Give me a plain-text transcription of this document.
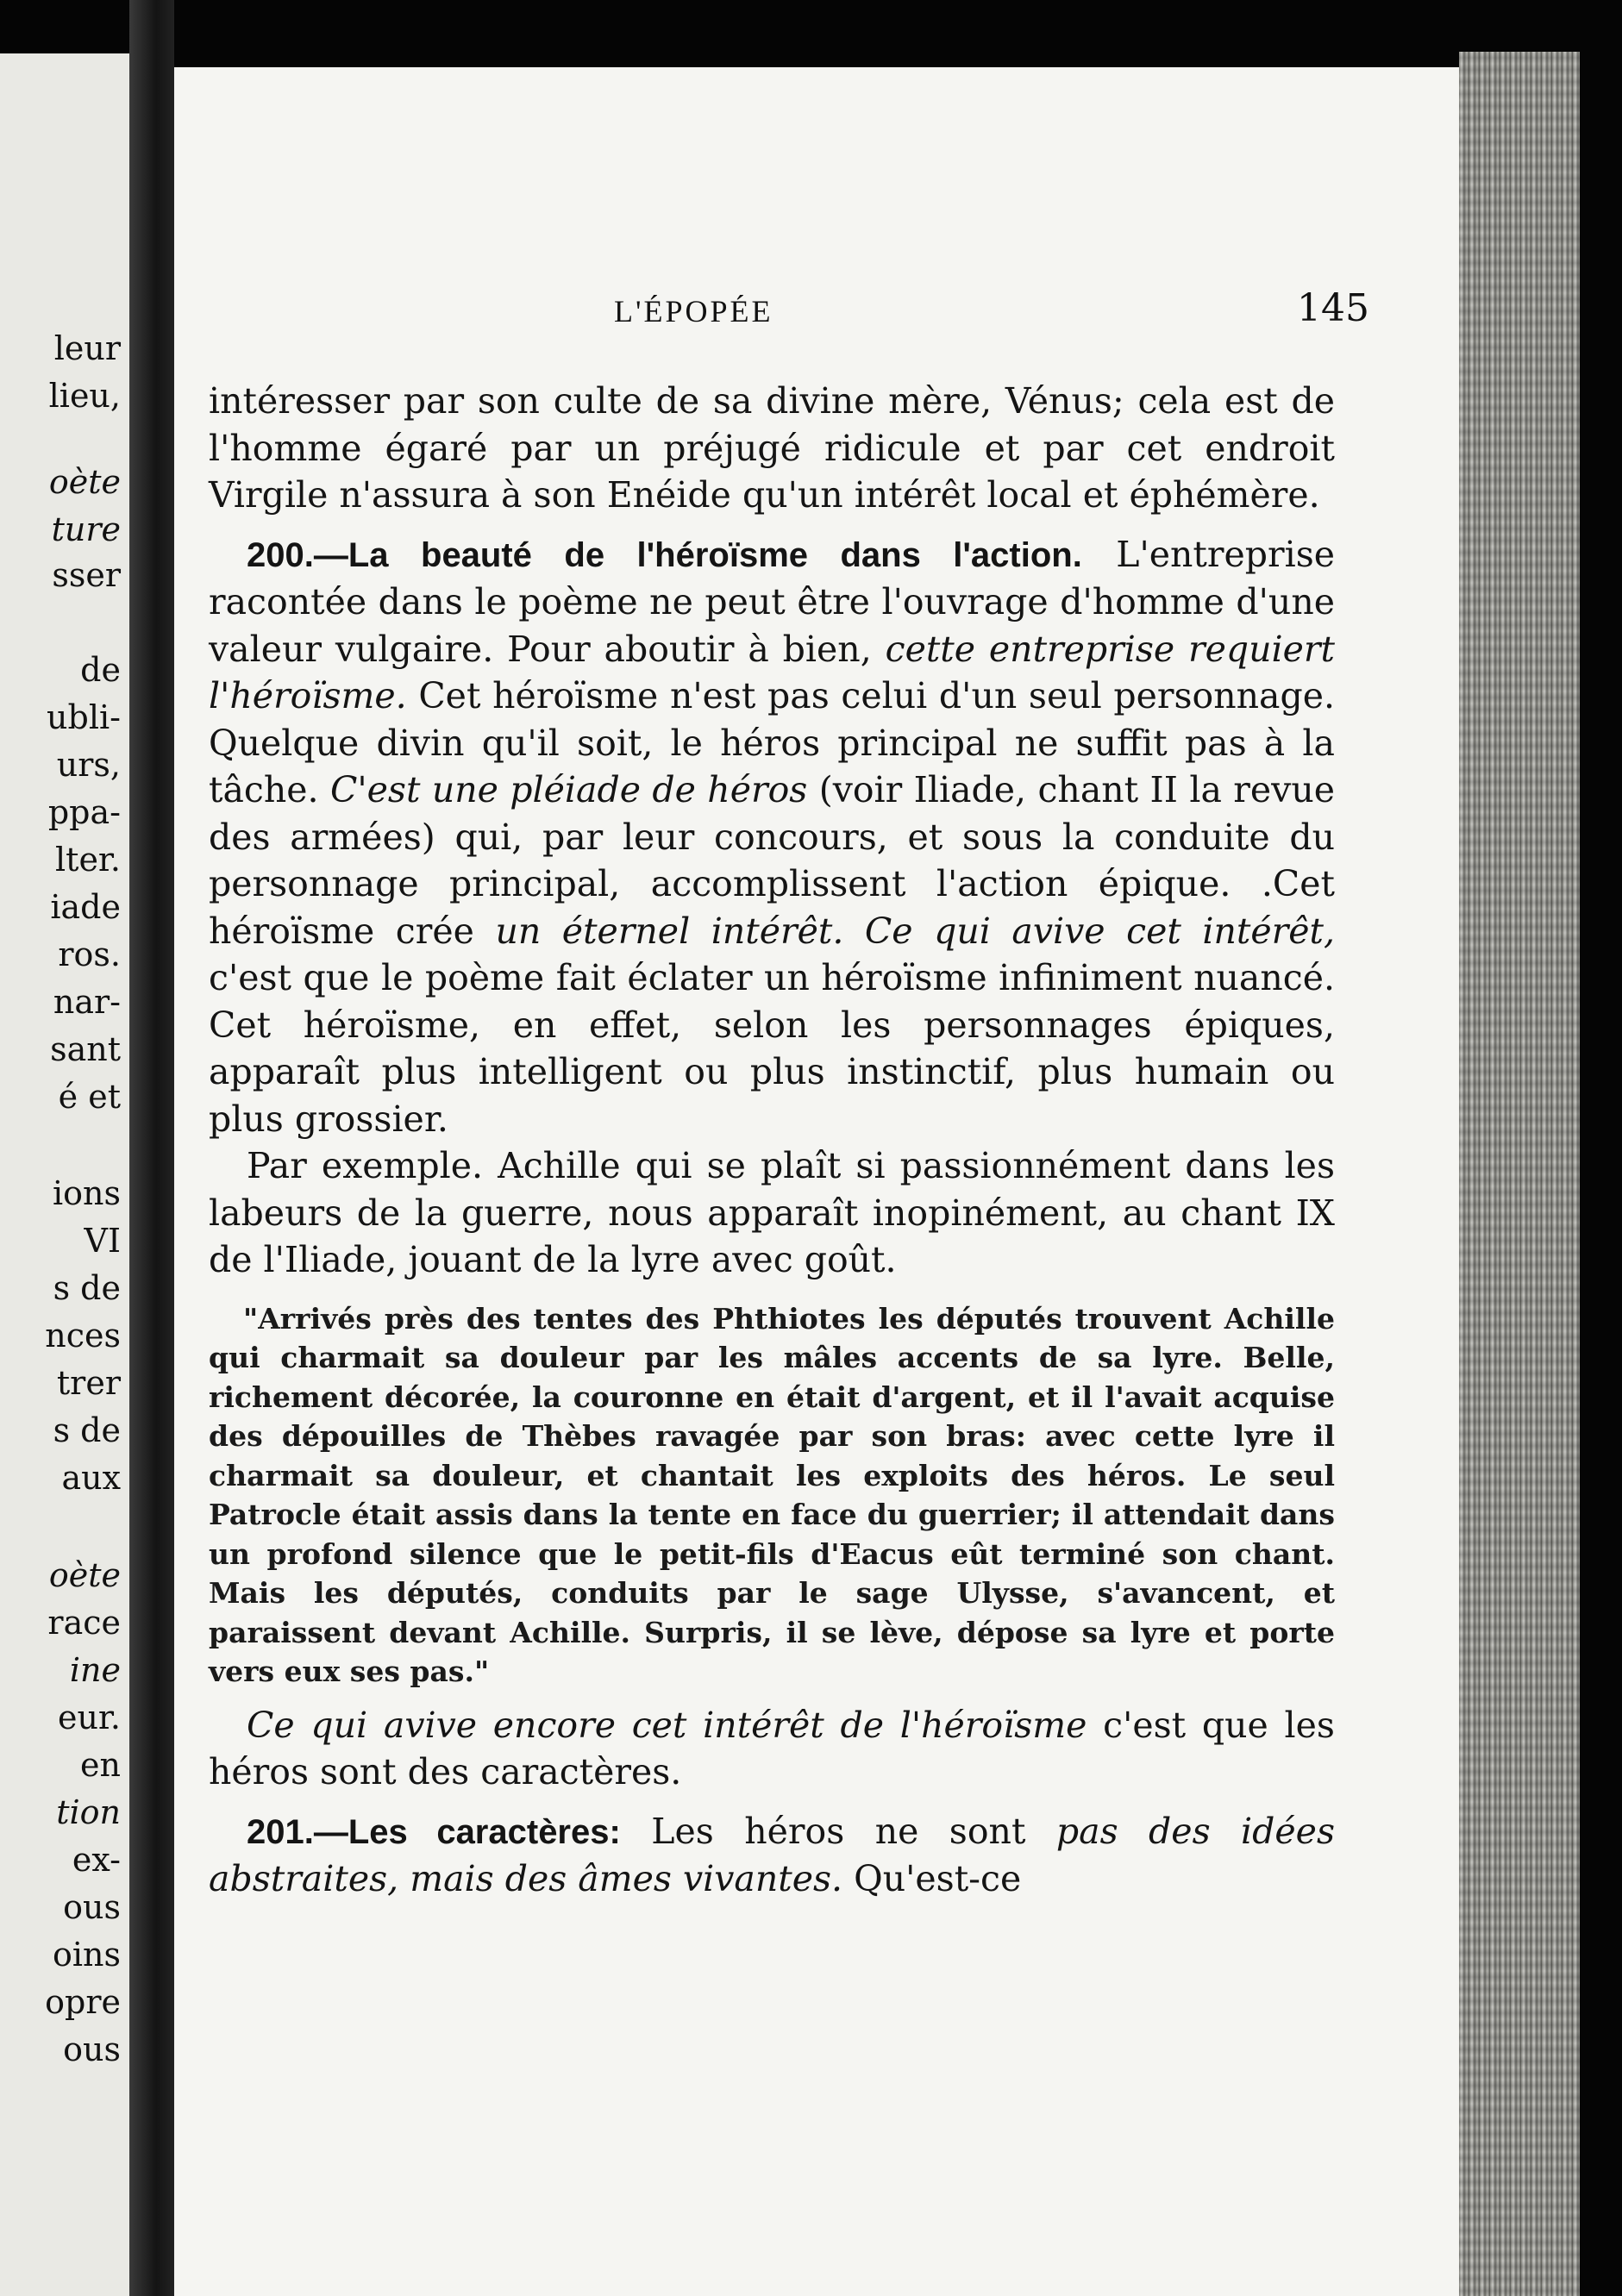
leur
lieu,
oète
ture
sser
de
ubli-
urs,
ppa-
lter.
iade
ros.
nar-
sant
é et
ions
VI
s de
nces
trer
s de
aux
oète
race
ine
eur.
en
tion
ex-
ous
oins
opre
ous
L'ÉPOPÉE	145

intéresser par son culte de sa divine mère, Vénus; cela est de l'homme égaré par un préjugé ridicule et par cet endroit Virgile n'assura à son Enéide qu'un intérêt local et éphémère.

200.—La beauté de l'héroïsme dans l'action. L'entreprise racontée dans le poème ne peut être l'ouvrage d'homme d'une valeur vulgaire. Pour aboutir à bien, cette entreprise requiert l'héroïsme. Cet héroïsme n'est pas celui d'un seul personnage. Quelque divin qu'il soit, le héros principal ne suffit pas à la tâche. C'est une pléiade de héros (voir Iliade, chant II la revue des armées) qui, par leur concours, et sous la conduite du personnage principal, accomplissent l'action épique. .Cet héroïsme crée un éternel intérêt. Ce qui avive cet intérêt, c'est que le poème fait éclater un héroïsme infiniment nuancé. Cet héroïsme, en effet, selon les personnages épiques, apparaît plus intelligent ou plus instinctif, plus humain ou plus grossier.

Par exemple. Achille qui se plaît si passionnément dans les labeurs de la guerre, nous apparaît inopinément, au chant IX de l'Iliade, jouant de la lyre avec goût.

"Arrivés près des tentes des Phthiotes les députés trouvent Achille qui charmait sa douleur par les mâles accents de sa lyre. Belle, richement décorée, la couronne en était d'argent, et il l'avait acquise des dépouilles de Thèbes ravagée par son bras: avec cette lyre il charmait sa douleur, et chantait les exploits des héros. Le seul Patrocle était assis dans la tente en face du guerrier; il attendait dans un profond silence que le petit-fils d'Eacus eût terminé son chant. Mais les députés, conduits par le sage Ulysse, s'avancent, et paraissent devant Achille. Surpris, il se lève, dépose sa lyre et porte vers eux ses pas."

Ce qui avive encore cet intérêt de l'héroïsme c'est que les héros sont des caractères.

201.—Les caractères: Les héros ne sont pas des idées abstraites, mais des âmes vivantes. Qu'est-ce
